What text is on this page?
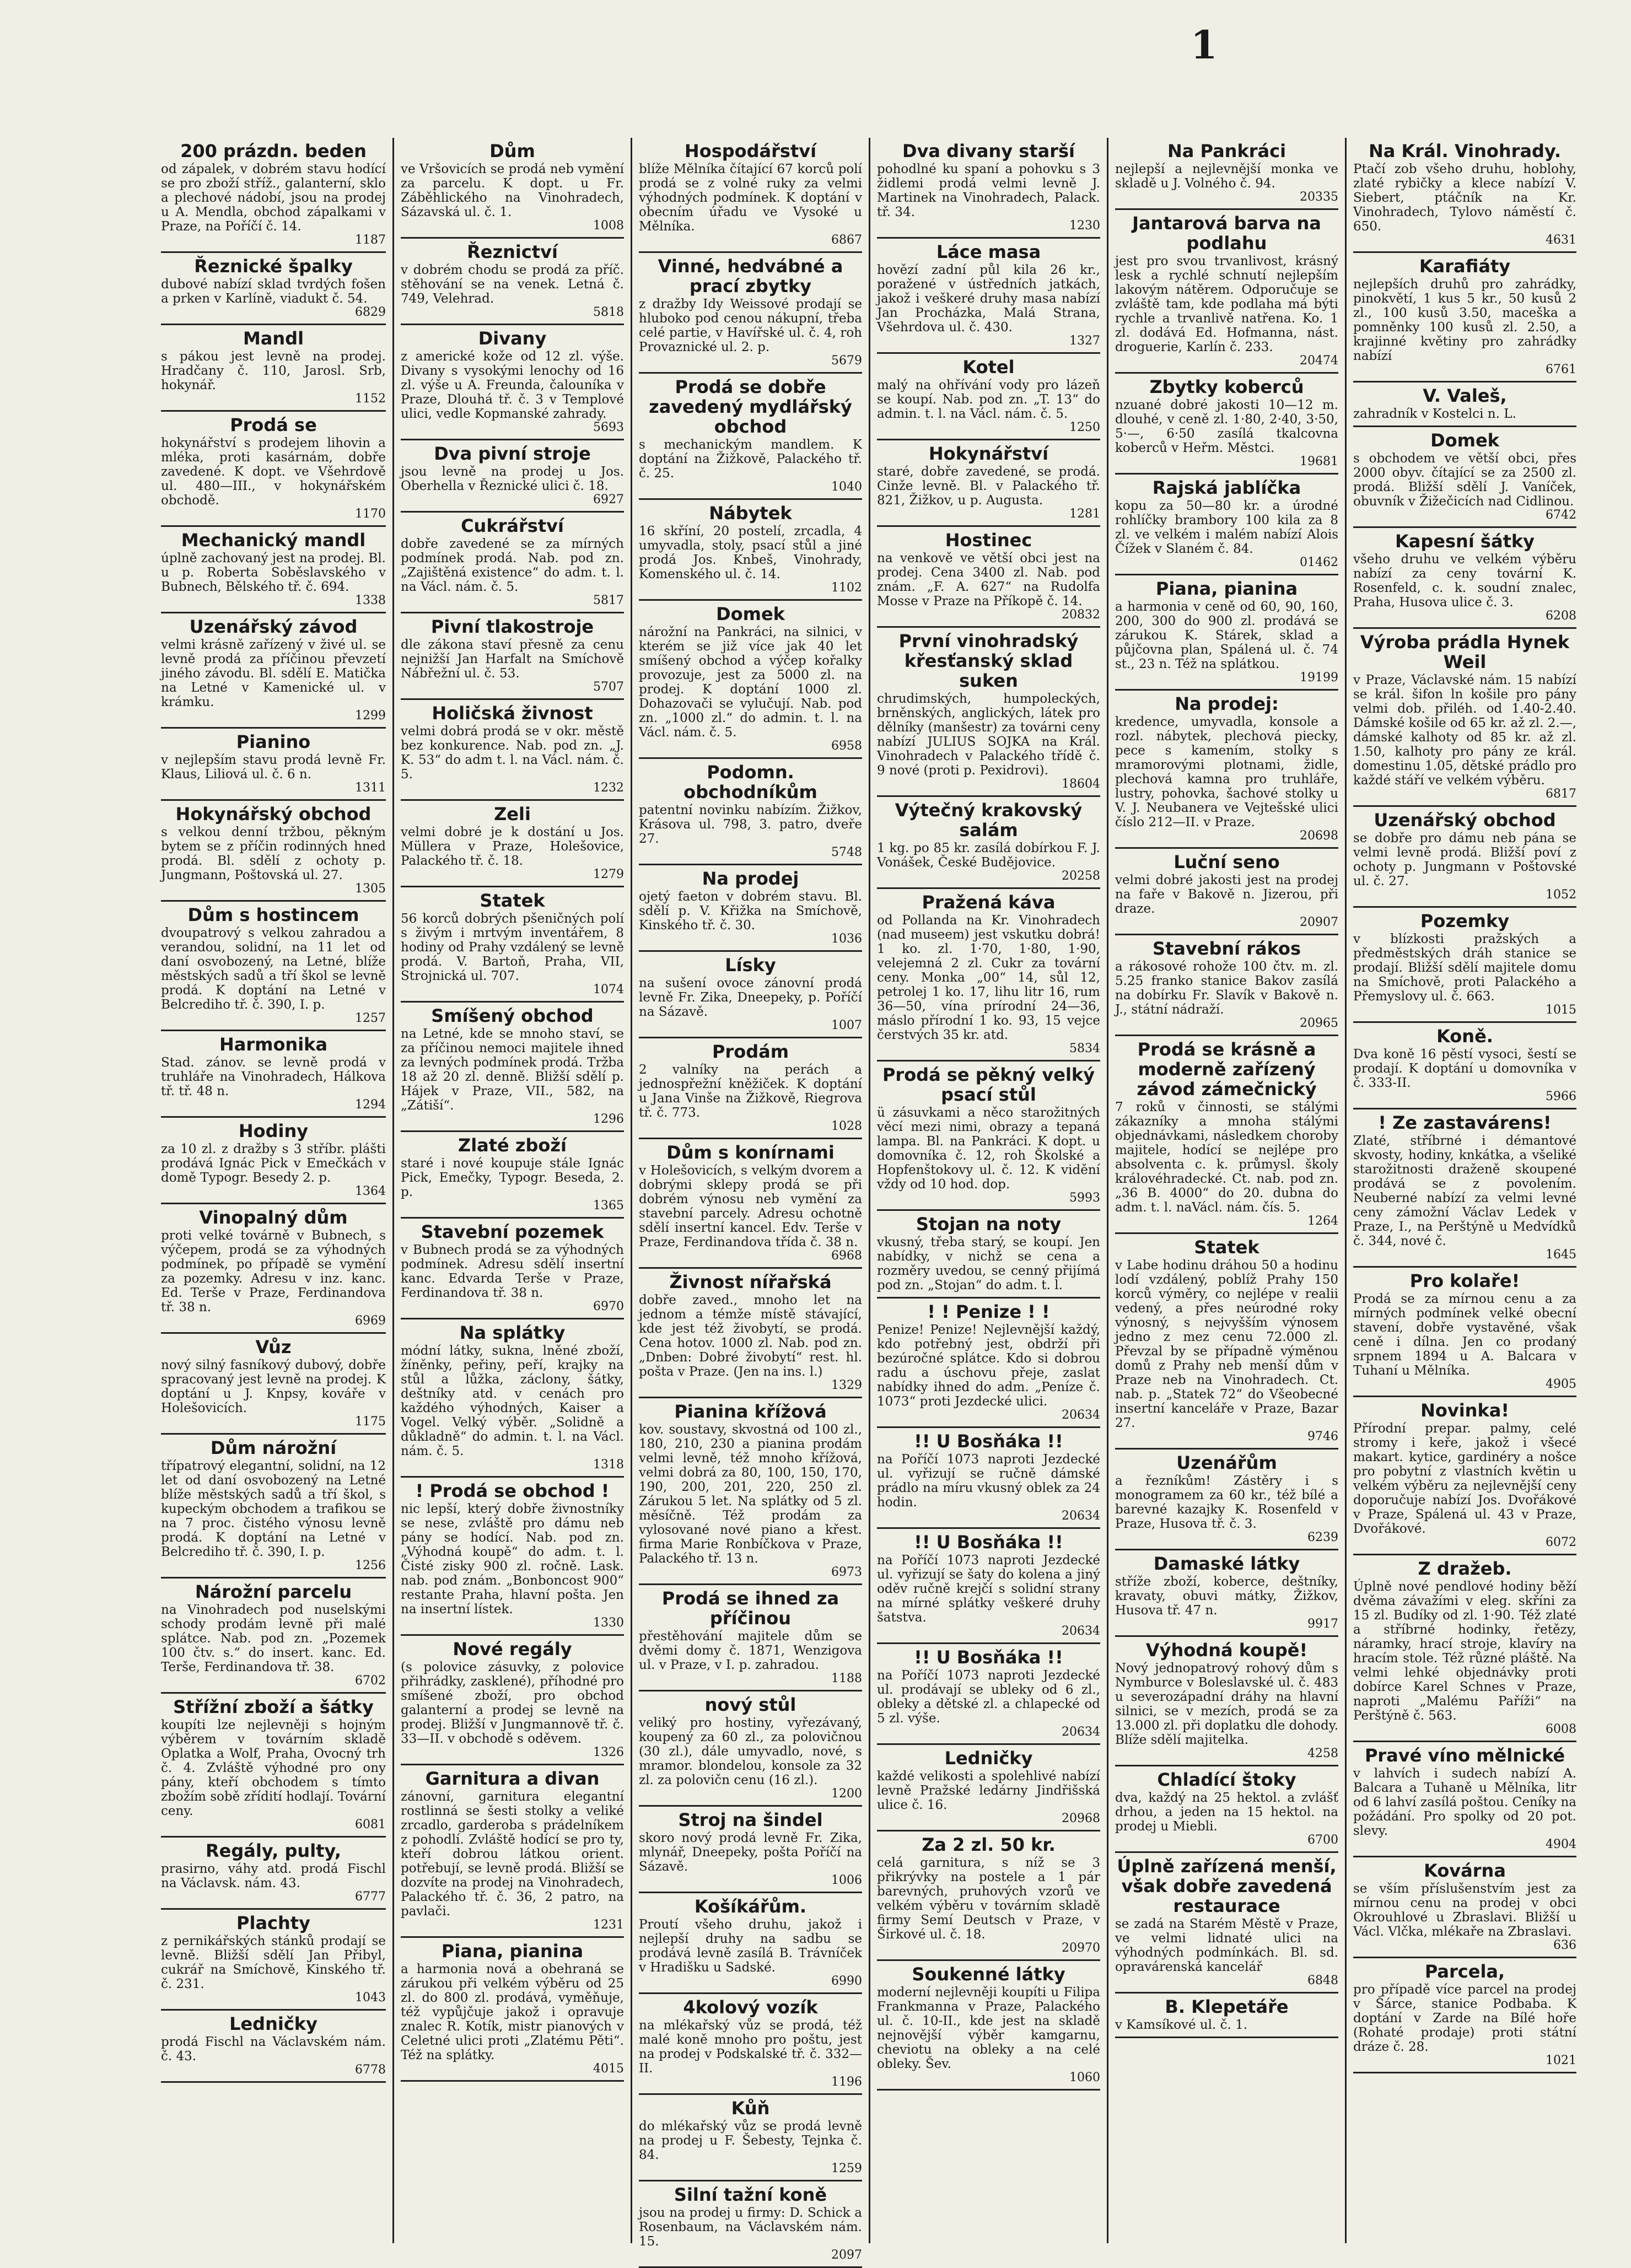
1
200 prázdn. beden

od zápalek, v dobrém stavu hodící se pro zboží stříž., galanterní, sklo a plechové nádobí, jsou na prodej u A. Mendla, obchod zápalkami v Praze, na Poříčí č. 14.

1187
Řeznické špalky

dubové nabízí sklad tvrdých fošen a prken v Karlíně, viadukt č. 54.

6829
Mandl

s pákou jest levně na prodej. Hradčany č. 110, Jarosl. Srb, hokynář.

1152
Prodá se

hokynářství s prodejem lihovin a mléka, proti kasárnám, dobře zavedené. K dopt. ve Všehrdově ul. 480—III., v hokynářském obchodě.

1170
Mechanický mandl

úplně zachovaný jest na prodej. Bl. u p. Roberta Soběslavského v Bubnech, Bělského tř. č. 694.

1338
Uzenářský závod

velmi krásně zařízený v živé ul. se levně prodá za příčinou převzetí jiného závodu. Bl. sdělí E. Matička na Letné v Kamenické ul. v krámku.

1299
Pianino

v nejlepším stavu prodá levně Fr. Klaus, Liliová ul. č. 6 n.

1311
Hokynářský obchod

s velkou denní tržbou, pěkným bytem se z příčin rodinných hned prodá. Bl. sdělí z ochoty p. Jungmann, Poštovská ul. 27.

1305
Dům s hostincem

dvoupatrový s velkou zahradou a verandou, solidní, na 11 let od daní osvobozený, na Letné, blíže městských sadů a tří škol se levně prodá. K doptání na Letné v Belcrediho tř. č. 390, I. p.

1257
Harmonika

Stad. zánov. se levně prodá v truhláře na Vinohradech, Hálkova tř. tř. 48 n.

1294
Hodiny

za 10 zl. z dražby s 3 stříbr. plášti prodává Ignác Pick v Emečkách v domě Typogr. Besedy 2. p.

1364
Vinopalný dům

proti velké továrně v Bubnech, s výčepem, prodá se za výhodných podmínek, po případě se vymění za pozemky. Adresu v inz. kanc. Ed. Terše v Praze, Ferdinandova tř. 38 n.

6969
Vůz

nový silný fasníkový dubový, dobře spracovaný jest levně na prodej. K doptání u J. Knpsy, kováře v Holešovicích.

1175
Dům nárožní

třípatrový elegantní, solidní, na 12 let od daní osvobozený na Letné blíže městských sadů a tří škol, s kupeckým obchodem a trafikou se na 7 proc. čistého výnosu levně prodá. K doptání na Letné v Belcrediho tř. č. 390, I. p.

1256
Nárožní parcelu

na Vinohradech pod nuselskými schody prodám levně při malé splátce. Nab. pod zn. „Pozemek 100 čtv. s.“ do insert. kanc. Ed. Terše, Ferdinandova tř. 38.

6702
Střížní zboží a šátky

koupíti lze nejlevněji s hojným výběrem v továrním skladě Oplatka a Wolf, Praha, Ovocný trh č. 4. Zvláště výhodné pro ony pány, kteří obchodem s tímto zbožím sobě zřídití hodlají. Tovární ceny.

6081
Regály, pulty,

prasirno, váhy atd. prodá Fischl na Václavsk. nám. 43.

6777
Plachty

z pernikářských stánků prodají se levně. Bližší sdělí Jan Přibyl, cukrář na Smíchově, Kinského tř. č. 231.

1043
Ledničky

prodá Fischl na Václavském nám. č. 43.

6778
Dům

ve Vršovicích se prodá neb vymění za parcelu. K dopt. u Fr. Záběhlického na Vinohradech, Sázavská ul. č. 1.

1008
Řeznictví

v dobrém chodu se prodá za příč. stěhování se na venek. Letná č. 749, Velehrad.

5818
Divany

z americké kože od 12 zl. výše. Divany s vysokými lenochy od 16 zl. výše u A. Freunda, čalouníka v Praze, Dlouhá tř. č. 3 v Templové ulici, vedle Kopmanské zahrady.

5693
Dva pivní stroje

jsou levně na prodej u Jos. Oberhella v Řeznické ulici č. 18.

6927
Cukrářství

dobře zavedené se za mírných podmínek prodá. Nab. pod zn. „Zajištěná existence“ do adm. t. l. na Václ. nám. č. 5.

5817
Pivní tlakostroje

dle zákona staví přesně za cenu nejnižší Jan Harfalt na Smíchově Nábřežní ul. č. 53.

5707
Holičská živnost

velmi dobrá prodá se v okr. městě bez konkurence. Nab. pod zn. „J. K. 53“ do adm t. l. na Václ. nám. č. 5.

1232
Zeli

velmi dobré je k dostání u Jos. Müllera v Praze, Holešovice, Palackého tř. č. 18.

1279
Statek

56 korců dobrých pšeničných polí s živým i mrtvým inventářem, 8 hodiny od Prahy vzdálený se levně prodá. V. Bartoň, Praha, VII, Strojnická ul. 707.

1074
Smíšený obchod

na Letné, kde se mnoho staví, se za příčinou nemoci majitele ihned za levných podmínek prodá. Tržba 18 až 20 zl. denně. Bližší sdělí p. Hájek v Praze, VII., 582, na „Zátiší“.

1296
Zlaté zboží

staré i nové koupuje stále Ignác Pick, Emečky, Typogr. Beseda, 2. p.

1365
Stavební pozemek

v Bubnech prodá se za výhodných podmínek. Adresu sdělí insertní kanc. Edvarda Terše v Praze, Ferdinandova tř. 38 n.

6970
Na splátky

módní látky, sukna, lněné zboží, žíněnky, peřiny, peří, krajky na stůl a lůžka, záclony, šátky, deštníky atd. v cenách pro každého výhodných, Kaiser a Vogel. Velký výběr. „Solidně a důkladně“ do admin. t. l. na Václ. nám. č. 5.

1318
! Prodá se obchod !

nic lepší, který dobře živnostníky se nese, zvláště pro dámu neb pány se hodící. Nab. pod zn. „Výhodná koupě“ do adm. t. l. Čisté zisky 900 zl. ročně. Lask. nab. pod znám. „Bonboncost 900“ restante Praha, hlavní pošta. Jen na insertní lístek.

1330
Nové regály

(s polovice zásuvky, z polovice přihrádky, zasklené), příhodné pro smíšené zboží, pro obchod galanterní a prodej se levně na prodej. Bližší v Jungmannově tř. č. 33—II. v obchodě s oděvem.

1326
Garnitura a divan

zánovní, garnitura elegantní rostlinná se šesti stolky a veliké zrcadlo, garderoba s prádelníkem z pohodlí. Zvláště hodící se pro ty, kteří dobrou látkou orient. potřebují, se levně prodá. Bližší se dozvíte na prodej na Vinohradech, Palackého tř. č. 36, 2 patro, na pavlači.

1231
Piana, pianina

a harmonia nová a obehraná se zárukou při velkém výběru od 25 zl. do 800 zl. prodává, vyměňuje, též vypůjčuje jakož i opravuje znalec R. Kotík, mistr pianových v Celetné ulici proti „Zlatému Pěti“. Též na splátky.

4015
Hospodářství

blíže Mělníka čítající 67 korců polí prodá se z volné ruky za velmi výhodných podmínek. K doptání v obecním úřadu ve Vysoké u Mělníka.

6867
Vinné, hedvábné a prací zbytky

z dražby Idy Weissové prodají se hluboko pod cenou nákupní, třeba celé partie, v Havířské ul. č. 4, roh Provaznické ul. 2. p.

5679
Prodá se dobře zavedený mydlářský obchod

s mechanickým mandlem. K doptání na Žižkově, Palackého tř. č. 25.

1040
Nábytek

16 skříní, 20 postelí, zrcadla, 4 umyvadla, stoly, psací stůl a jiné prodá Jos. Knbeš, Vinohrady, Komenského ul. č. 14.

1102
Domek

nárožní na Pankráci, na silnici, v kterém se již více jak 40 let smíšený obchod a výčep kořalky provozuje, jest za 5000 zl. na prodej. K doptání 1000 zl. Dohazovači se vylučují. Nab. pod zn. „1000 zl.“ do admin. t. l. na Václ. nám. č. 5.

6958
Podomn. obchodníkům

patentní novinku nabízím. Žižkov, Krásova ul. 798, 3. patro, dveře 27.

5748
Na prodej

ojetý faeton v dobrém stavu. Bl. sdělí p. V. Křižka na Smíchově, Kinského tř. č. 30.

1036
Lísky

na sušení ovoce zánovní prodá levně Fr. Zika, Dneepeky, p. Poříčí na Sázavě.

1007
Prodám

2 valníky na perách a jednospřežní kněžiček. K doptání u Jana Vinše na Žižkově, Riegrova tř. č. 773.

1028
Dům s konírnami

v Holešovicích, s velkým dvorem a dobrými sklepy prodá se při dobrém výnosu neb vymění za stavební parcely. Adresu ochotně sdělí insertní kancel. Edv. Terše v Praze, Ferdinandova třída č. 38 n.

6968
Živnost nířařská

dobře zaved., mnoho let na jednom a témže místě stávající, kde jest též živobytí, se prodá. Cena hotov. 1000 zl. Nab. pod zn. „Dnben: Dobré živobytí“ rest. hl. pošta v Praze. (Jen na ins. l.)

1329
Pianina křížová

kov. soustavy, skvostná od 100 zl., 180, 210, 230 a pianina prodám velmi levně, též mnoho křížová, velmi dobrá za 80, 100, 150, 170, 190, 200, 201, 220, 250 zl. Zárukou 5 let. Na splátky od 5 zl. měsíčně. Též prodám za vylosované nové piano a křest. firma Marie Ronbíčkova v Praze, Palackého tř. 13 n.

6973
Prodá se ihned za příčinou

přestěhování majitele dům se dvěmi domy č. 1871, Wenzigova ul. v Praze, v I. p. zahradou.

1188
nový stůl

veliký pro hostiny, vyřezávaný, koupený za 60 zl., za polovičnou (30 zl.), dále umyvadlo, nové, s mramor. blondelou, konsole za 32 zl. za polovičn cenu (16 zl.).

1200
Stroj na šindel

skoro nový prodá levně Fr. Zika, mlynář, Dneepeky, pošta Poříčí na Sázavě.

1006
Košíkářům.

Proutí všeho druhu, jakož i nejlepší druhy na sadbu se prodává levně zasílá B. Trávníček v Hradišku u Sadské.

6990
4kolový vozík

na mlékařský vůz se prodá, též malé koně mnoho pro poštu, jest na prodej v Podskalské tř. č. 332—II.

1196
Kůň

do mlékařský vůz se prodá levně na prodej u F. Šebesty, Tejnka č. 84.

1259
Silní tažní koně

jsou na prodej u firmy: D. Schick a Rosenbaum, na Václavském nám. 15.

2097
Dva divany starší

pohodlné ku spaní a pohovku s 3 židlemi prodá velmi levně J. Martinek na Vinohradech, Palack. tř. 34.

1230
Láce masa

hovězí zadní půl kila 26 kr., poražené v ústředních jatkách, jakož i veškeré druhy masa nabízí Jan Procházka, Malá Strana, Všehrdova ul. č. 430.

1327
Kotel

malý na ohřívání vody pro lázeň se koupí. Nab. pod zn. „T. 13“ do admin. t. l. na Václ. nám. č. 5.

1250
Hokynářství

staré, dobře zavedené, se prodá. Cinže levně. Bl. v Palackého tř. 821, Žižkov, u p. Augusta.

1281
Hostinec

na venkově ve větší obci jest na prodej. Cena 3400 zl. Nab. pod znám. „F. A. 627“ na Rudolfa Mosse v Praze na Příkopě č. 14.

20832
První vinohradský křesťanský sklad suken

chrudimských, humpoleckých, brněnských, anglických, látek pro dělníky (manšestr) za továrni ceny nabízí JULIUS SOJKA na Král. Vinohradech v Palackého třídě č. 9 nové (proti p. Pexidrovi).

18604
Výtečný krakovský salám

1 kg. po 85 kr. zasílá dobírkou F. J. Vonášek, České Budějovice.

20258
Pražená káva

od Pollanda na Kr. Vinohradech (nad museem) jest vskutku dobrá! 1 ko. zl. 1·70, 1·80, 1·90, velejemná 2 zl. Cukr za tovární ceny. Monka „00“ 14, sůl 12, petrolej 1 ko. 17, lihu litr 16, rum 36—50, vína prírodní 24—36, máslo přírodní 1 ko. 93, 15 vejce čerstvých 35 kr. atd.

5834
Prodá se pěkný velký psací stůl

ü zásuvkami a něco starožitných věcí mezi nimi, obrazy a tepaná lampa. Bl. na Pankráci. K dopt. u domovníka č. 12, roh Školské a Hopfenštokovy ul. č. 12. K vidění vždy od 10 hod. dop.

5993
Stojan na noty

vkusný, třeba starý, se koupí. Jen nabídky, v nichž se cena a rozměry uvedou, se cenný přijímá pod zn. „Stojan“ do adm. t. l.

! ! Penize ! !

Penize! Penize! Nejlevnější každý, kdo potřebný jest, obdrží při bezúročné splátce. Kdo si dobrou radu a úschovu přeje, zaslat nabídky ihned do adm. „Peníze č. 1073“ proti Jezdecké ulici.

20634
!! U Bosňáka !!

na Poříčí 1073 naproti Jezdecké ul. vyřizují se ručně dámské prádlo na míru vkusný oblek za 24 hodin.

20634
!! U Bosňáka !!

na Poříčí 1073 naproti Jezdecké ul. vyřizují se šaty do kolena a jiný oděv ručně krejčí s solidní strany na mírné splátky veškeré druhy šatstva.

20634
!! U Bosňáka !!

na Poříčí 1073 naproti Jezdecké ul. prodávají se ubleky od 6 zl., obleky a dětské zl. a chlapecké od 5 zl. výše.

20634
Ledničky

každé velikosti a spolehlivé nabízí levně Pražské ledárny Jindřišská ulice č. 16.

20968
Za 2 zl. 50 kr.

celá garnitura, s níž se 3 přikrývky na postele a 1 pár barevných, pruhových vzorů ve velkém výběru v továrním skladě firmy Semí Deutsch v Praze, v Širkové ul. č. 18.

20970
Soukenné látky

moderní nejlevněji koupíti u Filipa Frankmanna v Praze, Palackého ul. č. 10-II., kde jest na skladě nejnovější výběr kamgarnu, cheviotu na obleky a na celé obleky. Šev.

1060
Na Pankráci

nejlepší a nejlevnější monka ve skladě u J. Volného č. 94.

20335
Jantarová barva na podlahu

jest pro svou trvanlivost, krásný lesk a rychlé schnutí nejlepším lakovým nátěrem. Odporučuje se zvláště tam, kde podlaha má býti rychle a trvanlivě natřena. Ko. 1 zl. dodává Ed. Hofmanna, nást. droguerie, Karlín č. 233.

20474
Zbytky koberců

nzuané dobré jakosti 10—12 m. dlouhé, v ceně zl. 1·80, 2·40, 3·50, 5·—, 6·50 zasílá tkalcovna koberců v Heřm. Městci.

19681
Rajská jablíčka

kopu za 50—80 kr. a úrodné rohlíčky brambory 100 kila za 8 zl. ve velkém i malém nabízí Alois Čížek v Slaném č. 84.

01462
Piana, pianina

a harmonia v ceně od 60, 90, 160, 200, 300 do 900 zl. prodává se zárukou K. Stárek, sklad a půjčovna plan, Spálená ul. č. 74 st., 23 n. Též na splátkou.

19199
Na prodej:

kredence, umyvadla, konsole a rozl. nábytek, plechová piecky, pece s kamením, stolky s mramorovými plotnami, židle, plechová kamna pro truhláře, lustry, pohovka, šachové stolky u V. J. Neubanera ve Vejtešské ulici číslo 212—II. v Praze.

20698
Luční seno

velmi dobré jakosti jest na prodej na faře v Bakově n. Jizerou, při draze.

20907
Stavební rákos

a rákosové rohože 100 čtv. m. zl. 5.25 franko stanice Bakov zasílá na dobírku Fr. Slavík v Bakově n. J., státní nádraží.

20965
Prodá se krásně a moderně zařízený závod zámečnický

7 roků v činnosti, se stálými zákazníky a mnoha stálými objednávkami, následkem choroby majitele, hodící se nejlépe pro absolventa c. k. průmysl. školy královéhradecké. Ct. nab. pod zn. „36 B. 4000“ do 20. dubna do adm. t. l. naVácl. nám. čís. 5.

1264
Statek

v Labe hodinu dráhou 50 a hodinu lodí vzdálený, poblíž Prahy 150 korců výměry, co nejlépe v realii vedený, a přes neúrodné roky výnosný, s nejvyšším výnosem jedno z mez cenu 72.000 zl. Převzal by se případně výměnou domů z Prahy neb menší dům v Praze neb na Vinohradech. Ct. nab. p. „Statek 72“ do Všeobecné insertní kanceláře v Praze, Bazar 27.

9746
Uzenářům

a řezníkům! Zástěry i s monogramem za 60 kr., též bílé a barevné kazajky K. Rosenfeld v Praze, Husova tř. č. 3.

6239
Damaské látky

stříže zboží, koberce, deštníky, kravaty, obuvi mátky, Žižkov, Husova tř. 47 n.

9917
Výhodná koupě!

Nový jednopatrový rohový dům s Nymburce v Boleslavské ul. č. 483 u severozápadní dráhy na hlavní silnici, se v mezích, prodá se za 13.000 zl. při doplatku dle dohody. Blíže sdělí majitelka.

4258
Chladící štoky

dva, každý na 25 hektol. a zvlášť drhou, a jeden na 15 hektol. na prodej u Miebli.

6700
Úplně zařízená menší, však dobře zavedená restaurace

se zadá na Starém Městě v Praze, ve velmi lidnaté ulici na výhodných podmínkách. Bl. sd. opravárenská kancelář

6848
B. Klepetáře

v Kamsíkové ul. č. 1.

Na Král. Vinohrady.

Ptačí zob všeho druhu, hoblohy, zlaté rybičky a klece nabízí V. Siebert, ptáčník na Kr. Vinohradech, Tylovo náměstí č. 650.

4631
Karafiáty

nejlepších druhů pro zahrádky, pinokvětí, 1 kus 5 kr., 50 kusů 2 zl., 100 kusů 3.50, maceška a pomněnky 100 kusů zl. 2.50, a krajinné květiny pro zahrádky nabízí

6761
V. Valeš,

zahradník v Kostelci n. L.

Domek

s obchodem ve větší obci, přes 2000 obyv. čítající se za 2500 zl. prodá. Bližší sdělí J. Vaníček, obuvník v Žižečicích nad Cidlinou.

6742
Kapesní šátky

všeho druhu ve velkém výběru nabízí za ceny tovární K. Rosenfeld, c. k. soudní znalec, Praha, Husova ulice č. 3.

6208
Výroba prádla Hynek Weil

v Praze, Václavské nám. 15 nabízí se král. šifon ln košile pro pány velmi dob. přiléh. od 1.40-2.40. Dámské košile od 65 kr. až zl. 2.—, dámské kalhoty od 85 kr. až zl. 1.50, kalhoty pro pány ze král. domestinu 1.05, dětské prádlo pro každé stáří ve velkém výběru.

6817
Uzenářský obchod

se dobře pro dámu neb pána se velmi levně prodá. Bližší poví z ochoty p. Jungmann v Poštovské ul. č. 27.

1052
Pozemky

v blízkosti pražských a předměstských dráh stanice se prodají. Bližší sdělí majitele domu na Smíchově, proti Palackého a Přemyslovy ul. č. 663.

1015
Koně.

Dva koně 16 pěstí vysoci, šestí se prodají. K doptání u domovníka v č. 333-II.

5966
! Ze zastavárens!

Zlaté, stříbrné i démantové skvosty, hodiny, knkátka, a všeliké starožitnosti draženě skoupené prodává se z povolením. Neuberné nabízí za velmi levné ceny zámožní Václav Ledek v Praze, I., na Perštýně u Medvídků č. 344, nové č.

1645
Pro kolaře!

Prodá se za mírnou cenu a za mírných podmínek velké obecní stavení, dobře vystavěné, však ceně i dílna. Jen co prodaný srpnem 1894 u A. Balcara v Tuhaní u Mělníka.

4905
Novinka!

Přírodní prepar. palmy, celé stromy i keře, jakož i všecé makart. kytice, gardinéry a nošce pro pobytní z vlastních květin u velkém výběru za nejlevnější ceny doporučuje nabízí Jos. Dvořákové v Praze, Spálená ul. 43 v Praze, Dvořákové.

6072
Z dražeb.

Úplně nové pendlové hodiny běží dvěma závažími v eleg. skříni za 15 zl. Budíky od zl. 1·90. Též zlaté a stříbrné hodinky, řetězy, náramky, hrací stroje, klavíry na hracím stole. Též různé pláště. Na velmi lehké objednávky proti dobírce Karel Schnes v Praze, naproti „Malému Paříži“ na Perštýně č. 563.

6008
Pravé víno mělnické

v lahvích i sudech nabízí A. Balcara a Tuhaně u Mělníka, litr od 6 lahví zasílá poštou. Ceníky na požádání. Pro spolky od 20 pot. slevy.

4904
Kovárna

se vším příslušenstvím jest za mírnou cenu na prodej v obci Okrouhlové u Zbraslavi. Bližší u Václ. Vlčka, mlékaře na Zbraslavi.

636
Parcela,

pro případě více parcel na prodej v Šárce, stanice Podbaba. K doptání v Zarde na Bílé hoře (Rohaté prodaje) proti státní dráze č. 28.

1021
